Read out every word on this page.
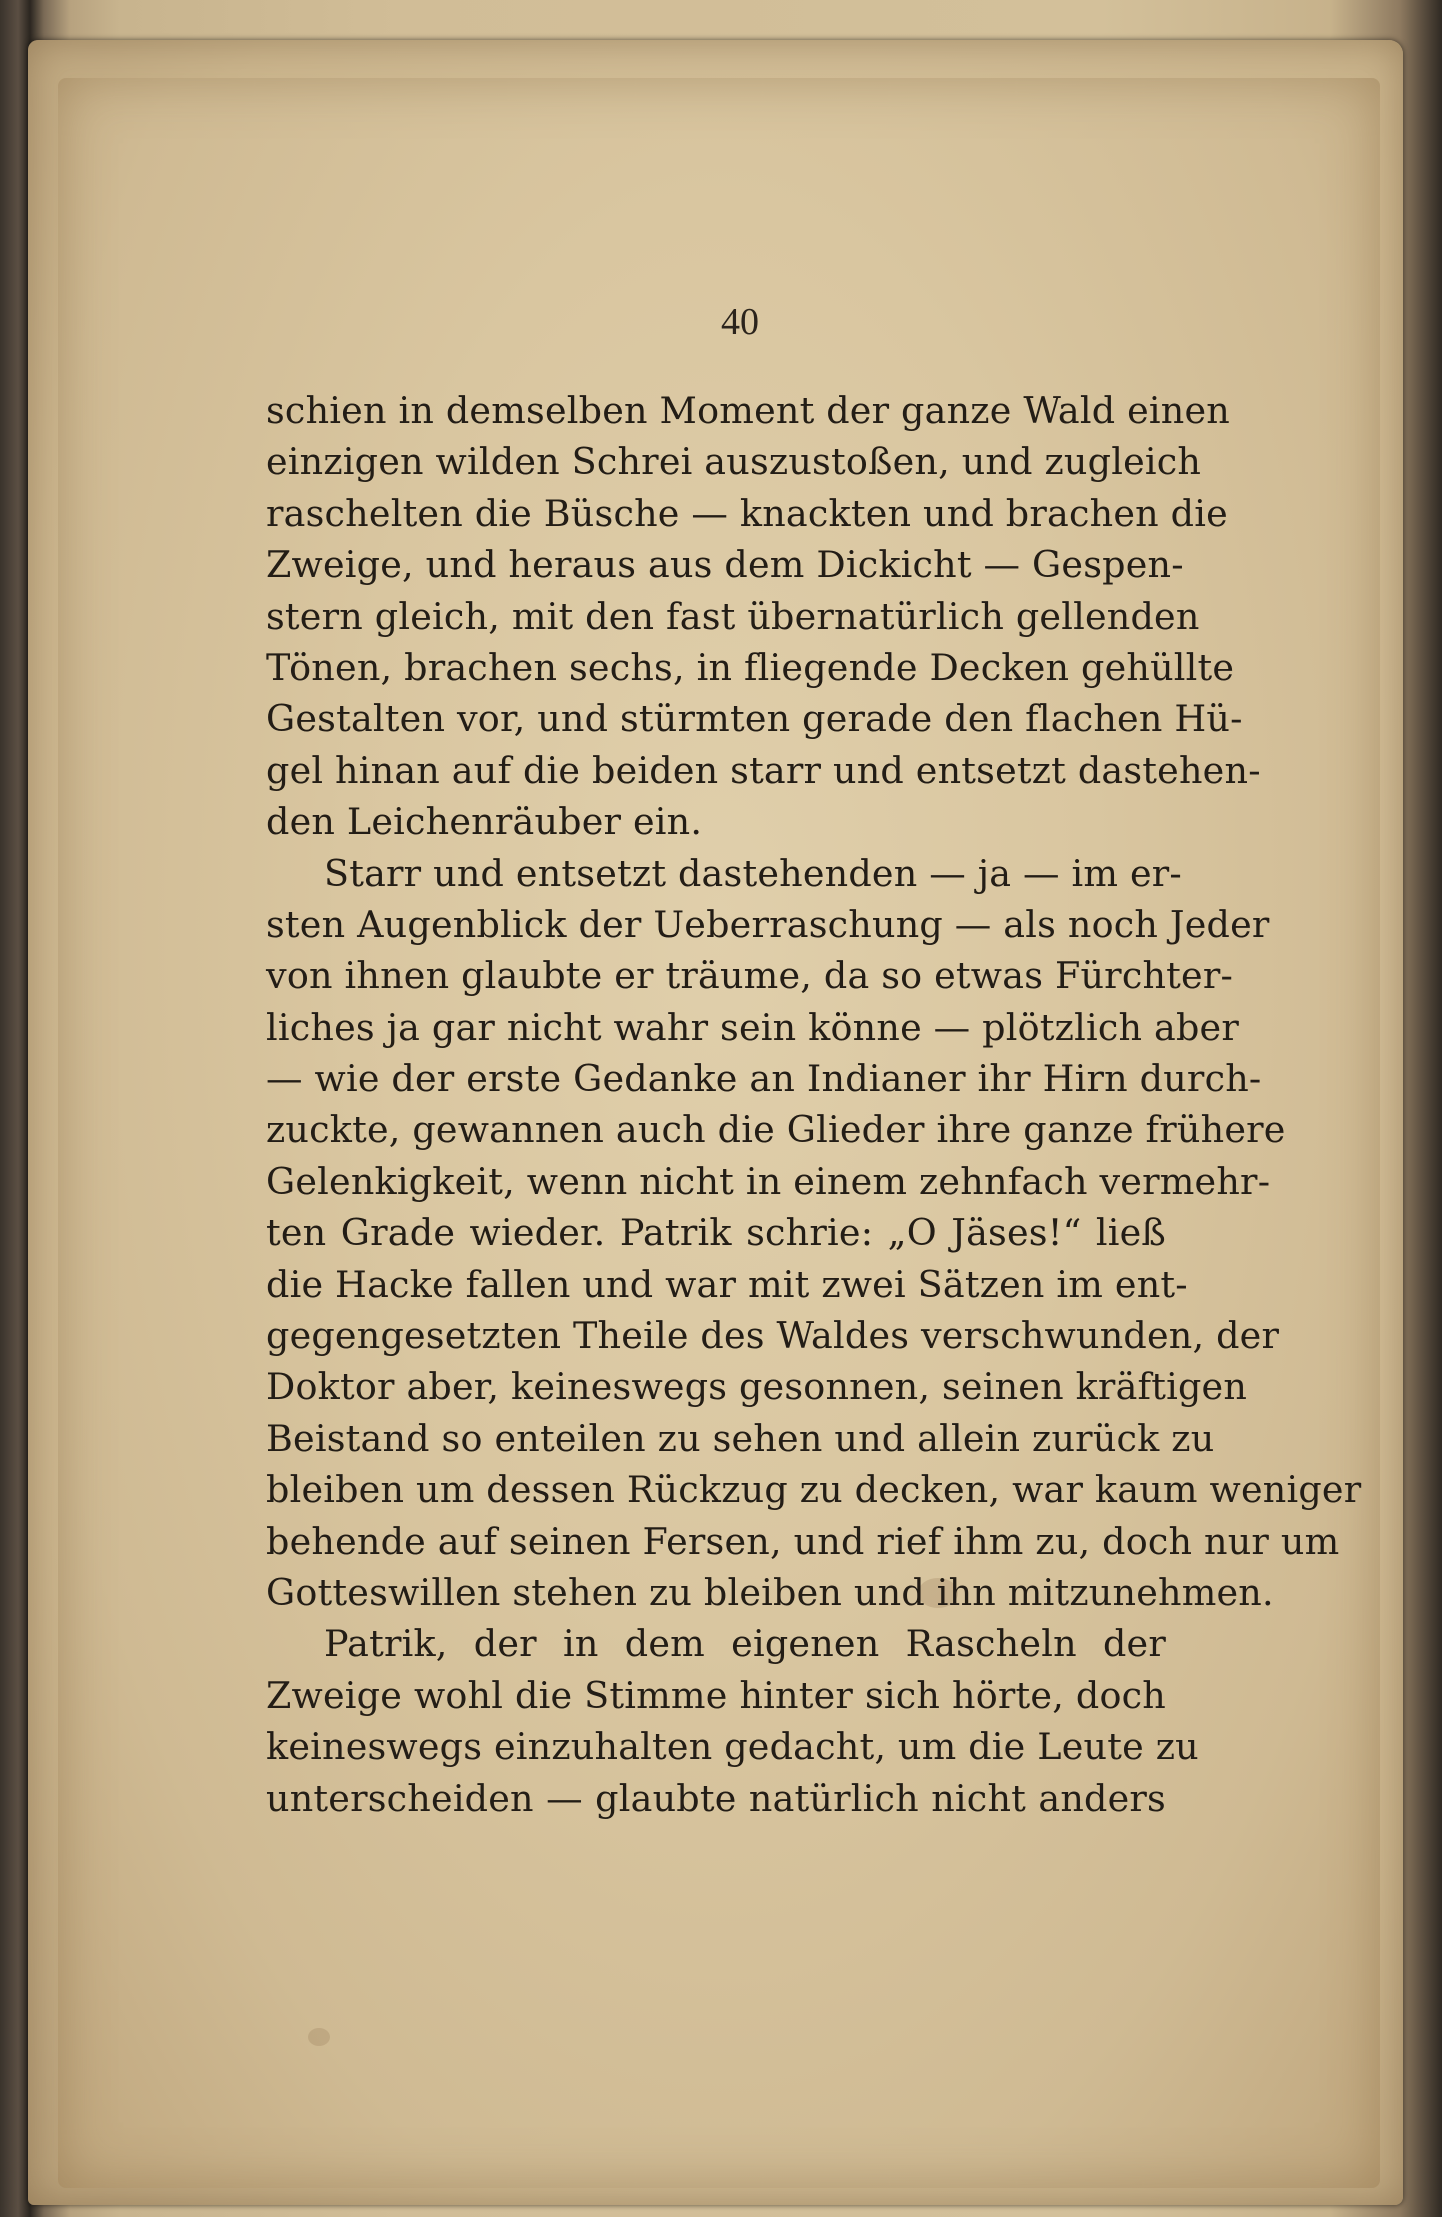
40
schien in demselben Moment der ganze Wald einen
einzigen wilden Schrei auszustoßen, und zugleich
raschelten die Büsche — knackten und brachen die
Zweige, und heraus aus dem Dickicht — Gespen-
stern gleich, mit den fast übernatürlich gellenden
Tönen, brachen sechs, in fliegende Decken gehüllte
Gestalten vor, und stürmten gerade den flachen Hü-
gel hinan auf die beiden starr und entsetzt dastehen-
den Leichenräuber ein.
Starr und entsetzt dastehenden — ja — im er-
sten Augenblick der Ueberraschung — als noch Jeder
von ihnen glaubte er träume, da so etwas Fürchter-
liches ja gar nicht wahr sein könne — plötzlich aber
— wie der erste Gedanke an Indianer ihr Hirn durch-
zuckte, gewannen auch die Glieder ihre ganze frühere
Gelenkigkeit, wenn nicht in einem zehnfach vermehr-
ten Grade wieder. Patrik schrie: „O Jäses!“ ließ
die Hacke fallen und war mit zwei Sätzen im ent-
gegengesetzten Theile des Waldes verschwunden, der
Doktor aber, keineswegs gesonnen, seinen kräftigen
Beistand so enteilen zu sehen und allein zurück zu
bleiben um dessen Rückzug zu decken, war kaum weniger
behende auf seinen Fersen, und rief ihm zu, doch nur um
Gotteswillen stehen zu bleiben und ihn mitzunehmen.
Patrik, der in dem eigenen Rascheln der
Zweige wohl die Stimme hinter sich hörte, doch
keineswegs einzuhalten gedacht, um die Leute zu
unterscheiden — glaubte natürlich nicht anders
